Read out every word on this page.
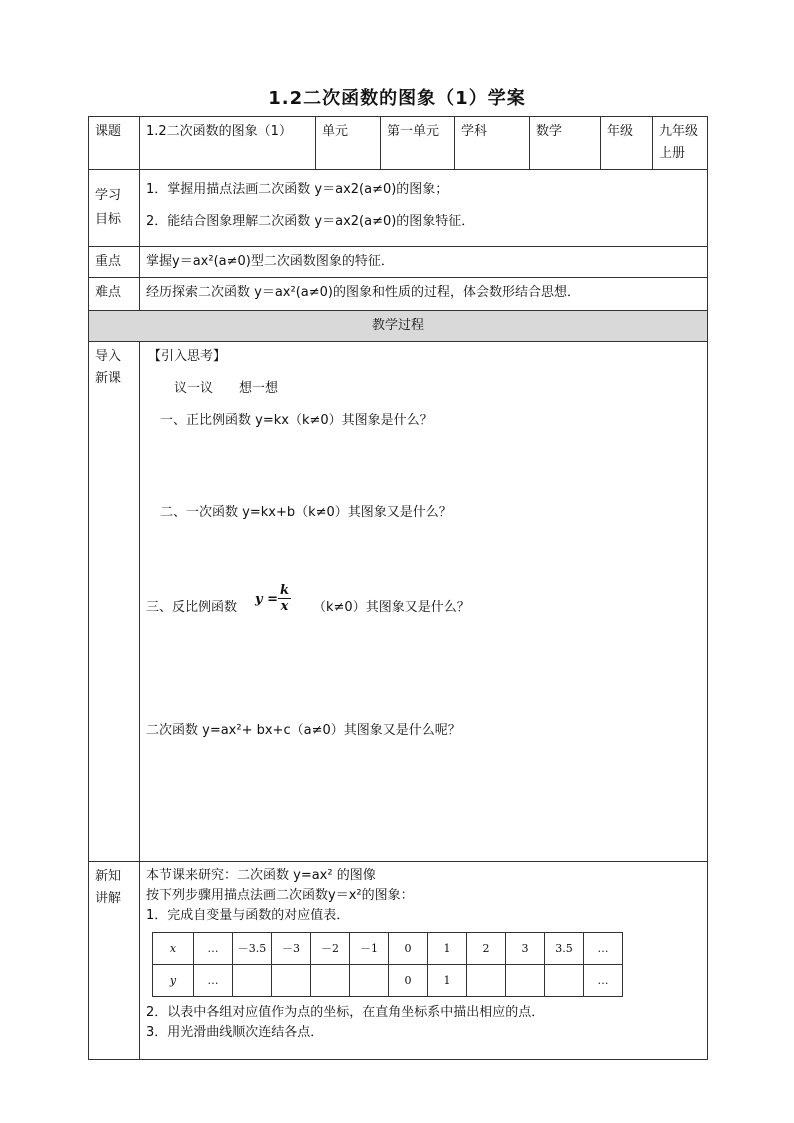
1.2二次函数的图象（1）学案
课题	1.2二次函数的图象（1）	单元	第一单元	学科	数学	年级	九年级上册
学习目标	
1．掌握用描点法画二次函数 y＝ax2(a≠0)的图象；
2．能结合图象理解二次函数 y＝ax2(a≠0)的图象特征．

重点	掌握y＝ax²(a≠0)型二次函数图象的特征．
难点	经历探索二次函数 y＝ax²(a≠0)的图象和性质的过程，体会数形结合思想．
教学过程
导入新课	
【引入思考】
议一议　　想一想
一、正比例函数 y=kx（k≠0）其图象是什么？
二、一次函数 y=kx+b（k≠0）其图象又是什么？
三、反比例函数
$y = \frac{k}{x} (k\ne 0)$其图象又是什么？
二次函数 y=ax²+ bx+c（a≠0）其图象又是什么呢？

新知讲解	
本节课来研究：二次函数 y=ax² 的图像
按下列步骤用描点法画二次函数y＝x²的图象：
1．完成自变量与函数的对应值表．
x	…	－3.5	－3	－2	－1	0	1	2	3	3.5	…
y	…					0	1				…
2．以表中各组对应值作为点的坐标，在直角坐标系中描出相应的点．
3．用光滑曲线顺次连结各点．
